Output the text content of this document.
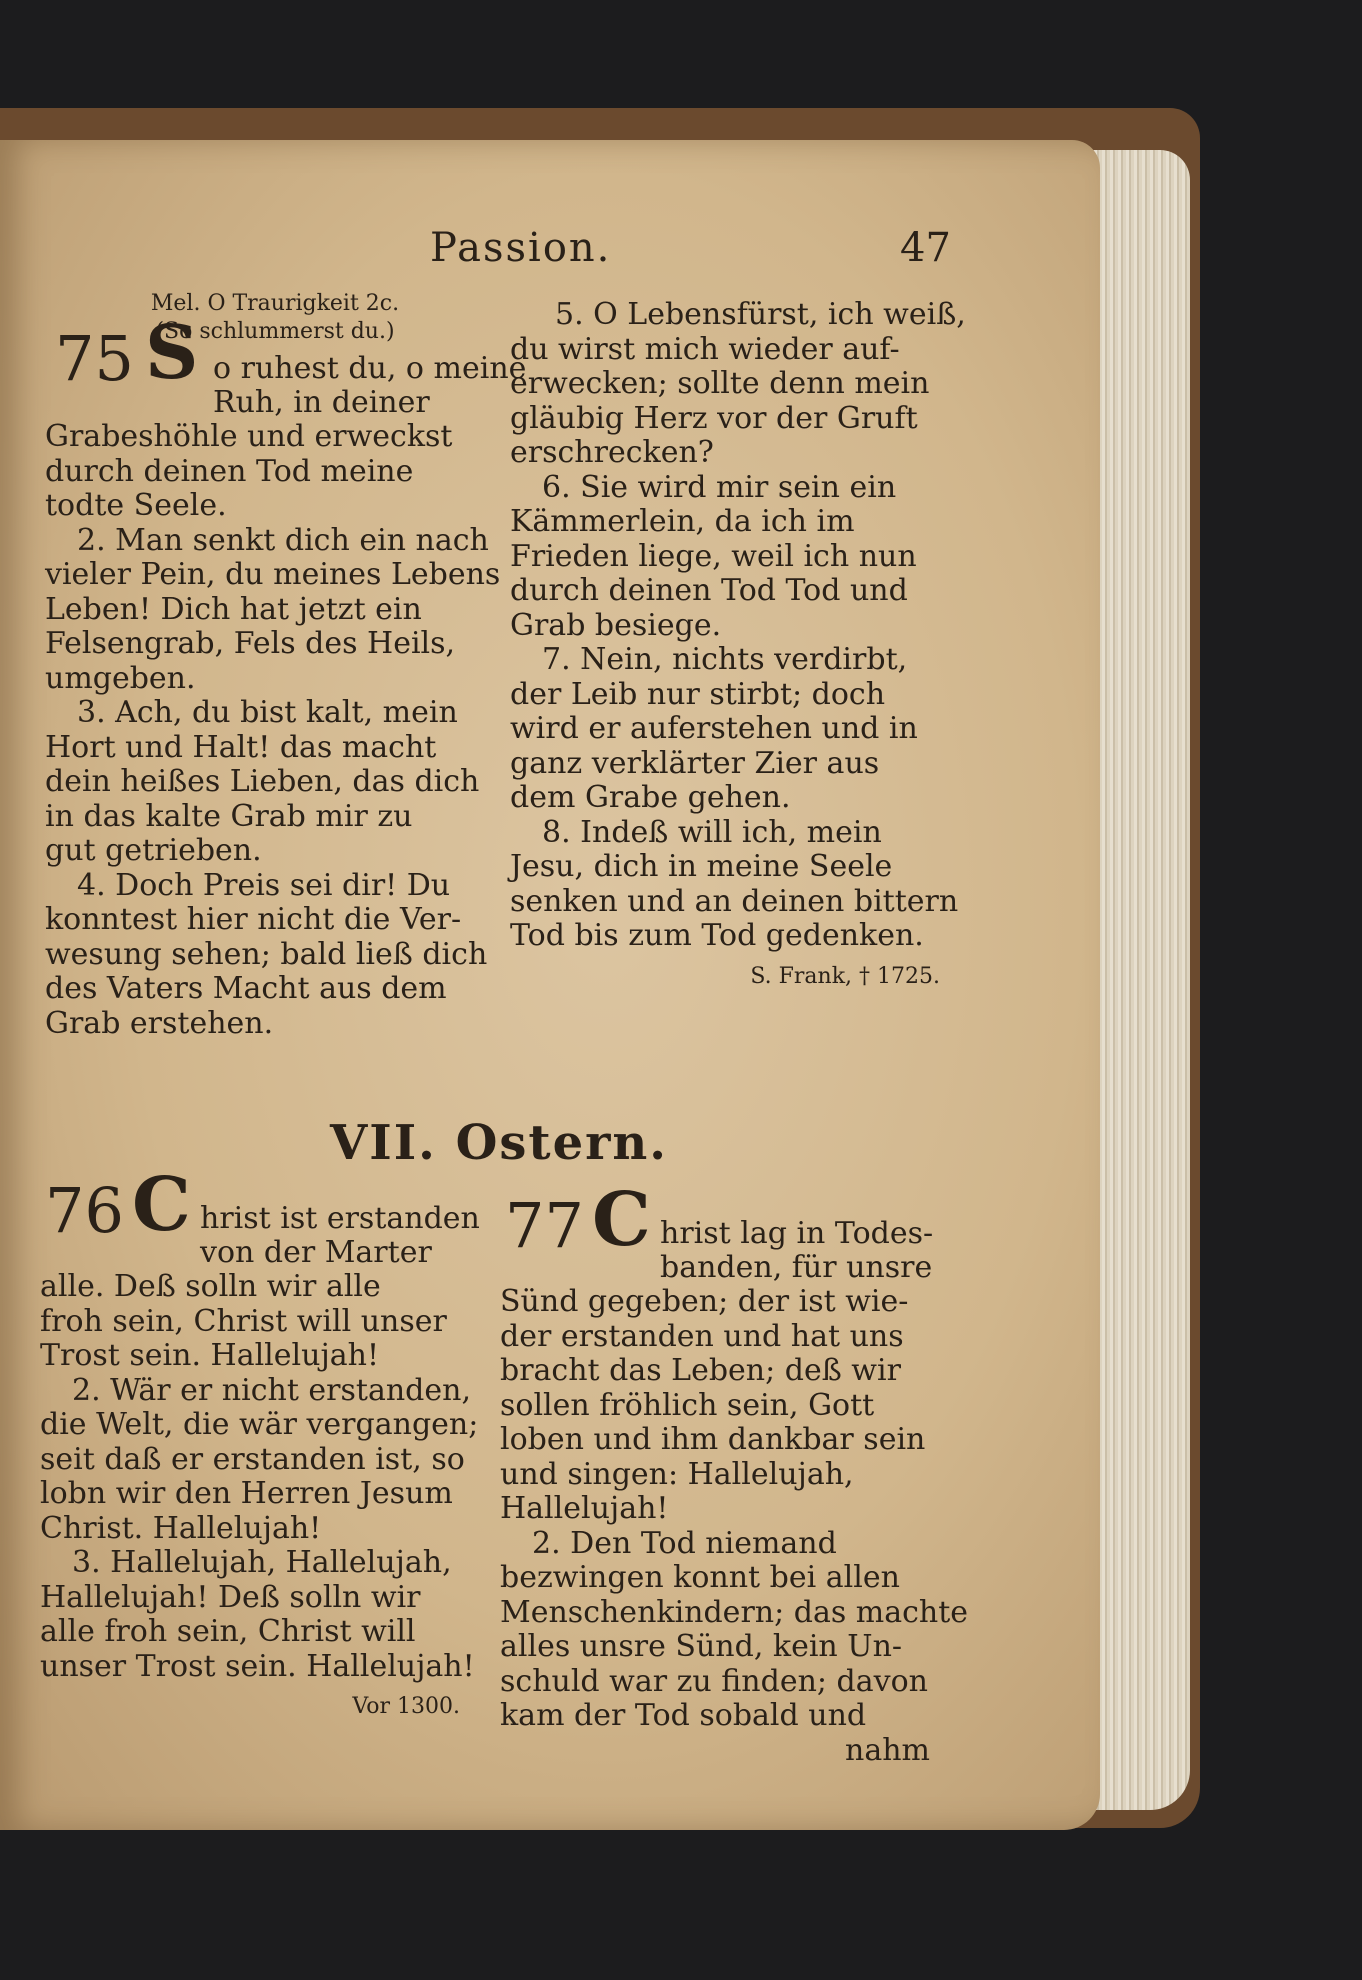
Passion.	47
Mel. O Traurigkeit 2c.
(So schlummerst du.)
75 S o ruhest du, o meine
Ruh, in deiner
Grabeshöhle und erweckst
durch deinen Tod meine
todte Seele.
2. Man senkt dich ein nach
vieler Pein, du meines Lebens
Leben! Dich hat jetzt ein
Felsengrab, Fels des Heils,
umgeben.
3. Ach, du bist kalt, mein
Hort und Halt! das macht
dein heißes Lieben, das dich
in das kalte Grab mir zu
gut getrieben.
4. Doch Preis sei dir! Du
konntest hier nicht die Ver-
wesung sehen; bald ließ dich
des Vaters Macht aus dem
Grab erstehen.
5. O Lebensfürst, ich weiß,
du wirst mich wieder auf-
erwecken; sollte denn mein
gläubig Herz vor der Gruft
erschrecken?
6. Sie wird mir sein ein
Kämmerlein, da ich im
Frieden liege, weil ich nun
durch deinen Tod Tod und
Grab besiege.
7. Nein, nichts verdirbt,
der Leib nur stirbt; doch
wird er auferstehen und in
ganz verklärter Zier aus
dem Grabe gehen.
8. Indeß will ich, mein
Jesu, dich in meine Seele
senken und an deinen bittern
Tod bis zum Tod gedenken.
S. Frank, † 1725.
VII. Ostern.
76 C hrist ist erstanden
von der Marter
alle. Deß solln wir alle
froh sein, Christ will unser
Trost sein. Hallelujah!
2. Wär er nicht erstanden,
die Welt, die wär vergangen;
seit daß er erstanden ist, so
lobn wir den Herren Jesum
Christ. Hallelujah!
3. Hallelujah, Hallelujah,
Hallelujah! Deß solln wir
alle froh sein, Christ will
unser Trost sein. Hallelujah!
Vor 1300.
77 C hrist lag in Todes-
banden, für unsre
Sünd gegeben; der ist wie-
der erstanden und hat uns
bracht das Leben; deß wir
sollen fröhlich sein, Gott
loben und ihm dankbar sein
und singen: Hallelujah,
Hallelujah!
2. Den Tod niemand
bezwingen konnt bei allen
Menschenkindern; das machte
alles unsre Sünd, kein Un-
schuld war zu finden; davon
kam der Tod sobald und
nahm
